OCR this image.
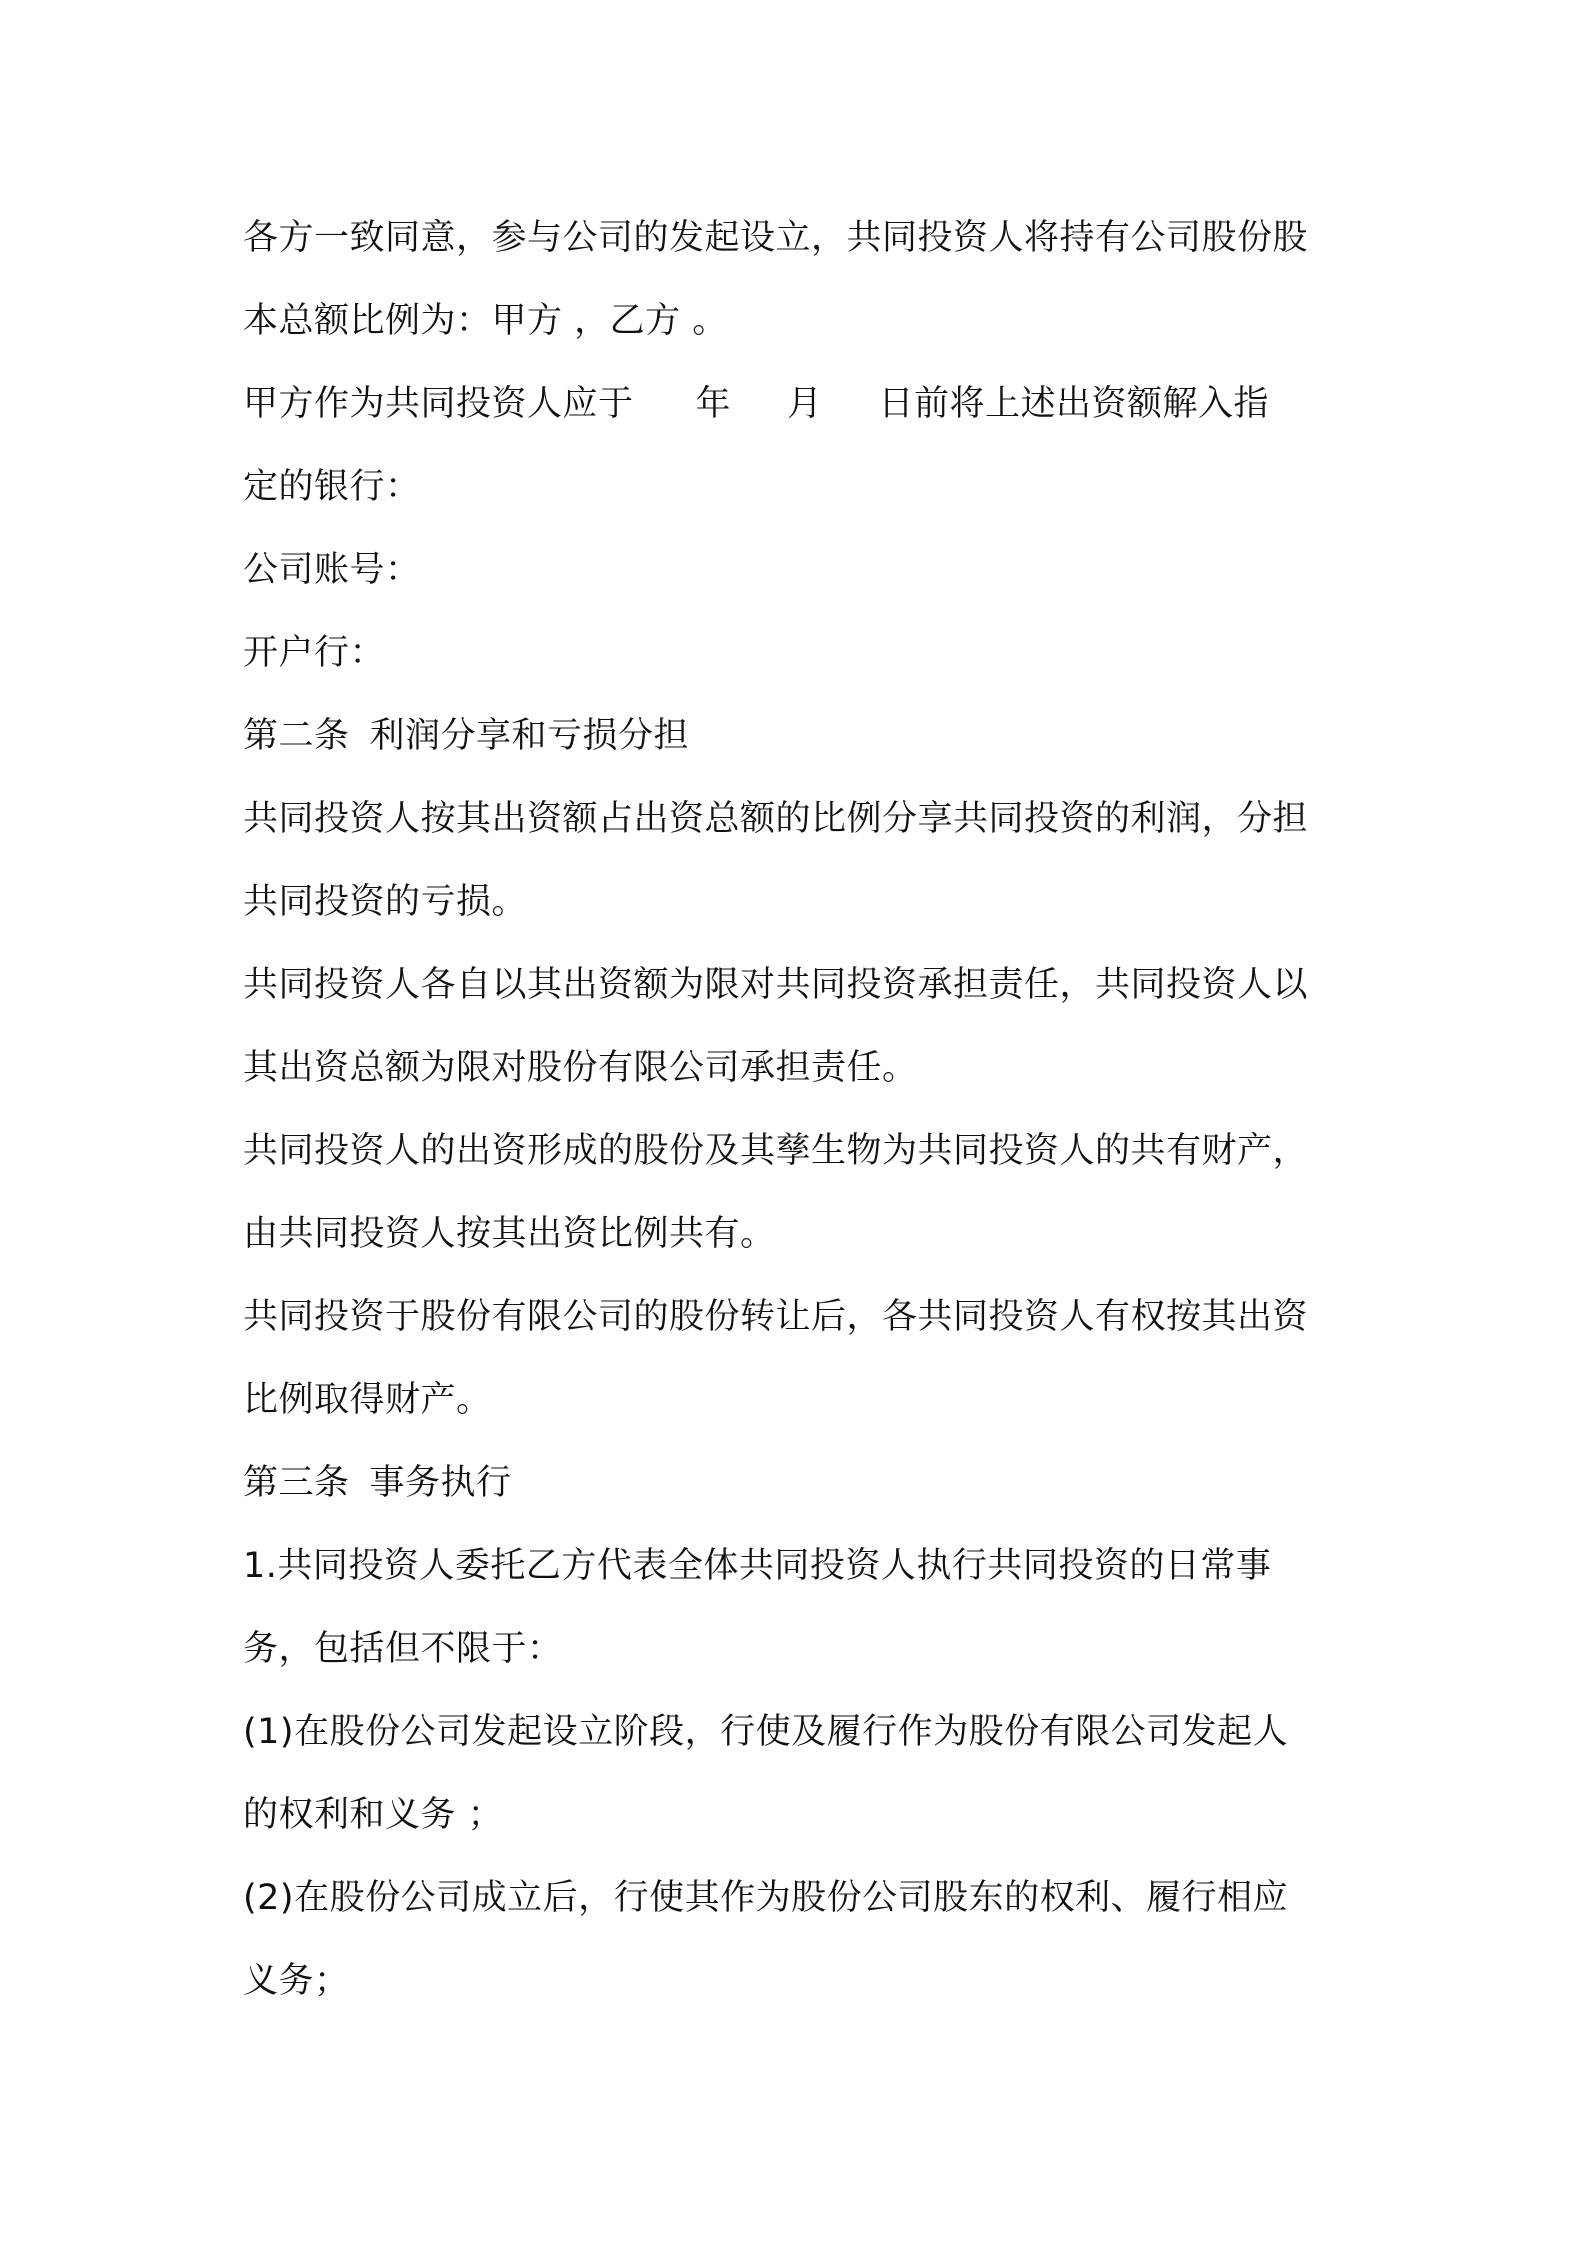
各方一致同意，参与公司的发起设立，共同投资人将持有公司股份股
本总额比例为：甲方 ，乙方 。
甲方作为共同投资人应于 年 月 日前将上述出资额解入指
定的银行：
公司账号：
开户行：
第二条 利润分享和亏损分担
共同投资人按其出资额占出资总额的比例分享共同投资的利润，分担
共同投资的亏损。
共同投资人各自以其出资额为限对共同投资承担责任，共同投资人以
其出资总额为限对股份有限公司承担责任。
共同投资人的出资形成的股份及其孳生物为共同投资人的共有财产，
由共同投资人按其出资比例共有。
共同投资于股份有限公司的股份转让后，各共同投资人有权按其出资
比例取得财产。
第三条 事务执行
1.共同投资人委托乙方代表全体共同投资人执行共同投资的日常事
务，包括但不限于：
(1)在股份公司发起设立阶段，行使及履行作为股份有限公司发起人
的权利和义务 ；
(2)在股份公司成立后，行使其作为股份公司股东的权利、履行相应
义务；
